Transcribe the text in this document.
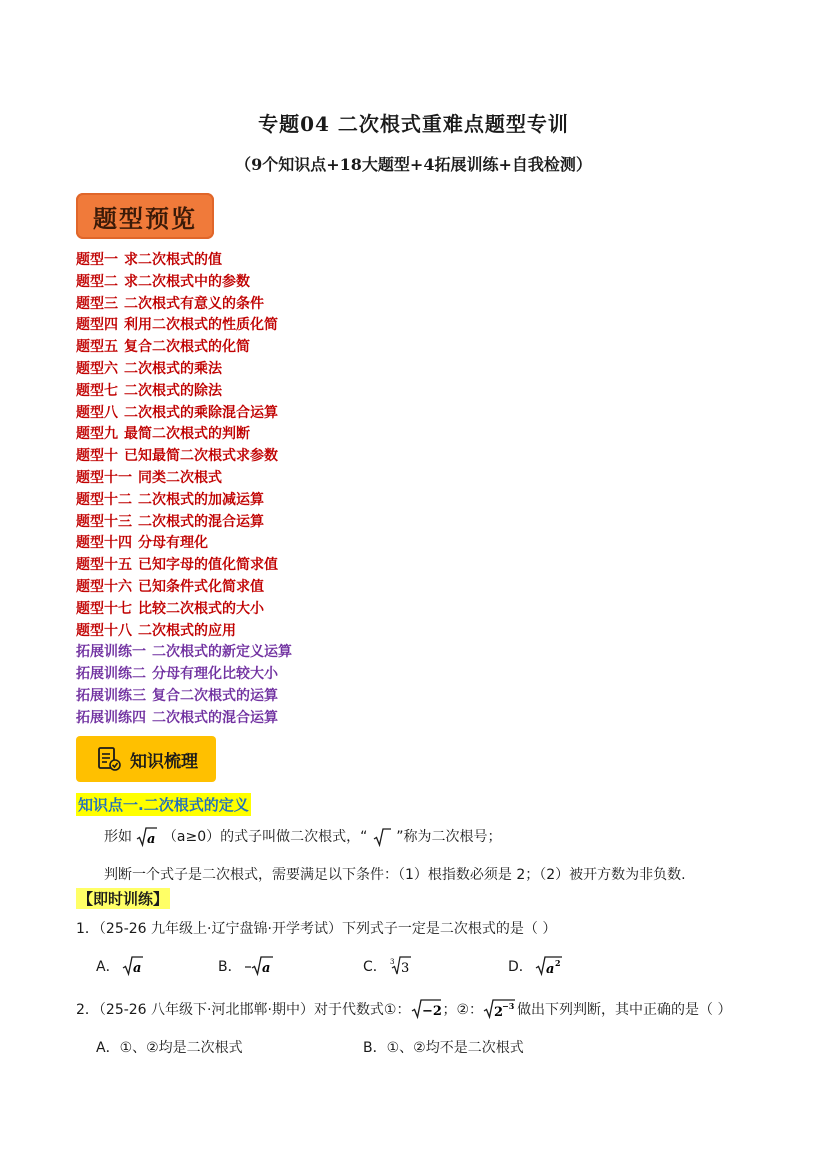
专题04 二次根式重难点题型专训
（9个知识点+18大题型+4拓展训练+自我检测）
题型预览
题型一 求二次根式的值
题型二 求二次根式中的参数
题型三 二次根式有意义的条件
题型四 利用二次根式的性质化简
题型五 复合二次根式的化简
题型六 二次根式的乘法
题型七 二次根式的除法
题型八 二次根式的乘除混合运算
题型九 最简二次根式的判断
题型十 已知最简二次根式求参数
题型十一 同类二次根式
题型十二 二次根式的加减运算
题型十三 二次根式的混合运算
题型十四 分母有理化
题型十五 已知字母的值化简求值
题型十六 已知条件式化简求值
题型十七 比较二次根式的大小
题型十八 二次根式的应用
拓展训练一 二次根式的新定义运算
拓展训练二 分母有理化比较大小
拓展训练三 复合二次根式的运算
拓展训练四 二次根式的混合运算
知识梳理
知识点一.二次根式的定义
形如 a （a≥0）的式子叫做二次根式，“ ”称为二次根号；
判断一个式子是二次根式，需要满足以下条件：（1）根指数必须是 2；（2）被开方数为非负数.
【即时训练】
1．（25-26 九年级上·辽宁盘锦·开学考试）下列式子一定是二次根式的是（ ）
A． a	B． a	C． 3 3	D． a 2
2．（25-26 八年级下·河北邯郸·期中）对于代数式①： −2 ；②： 2
−3 做出下列判断，其中正确的是（ ）
A． ①、②均是二次根式	B． ①、②均不是二次根式
